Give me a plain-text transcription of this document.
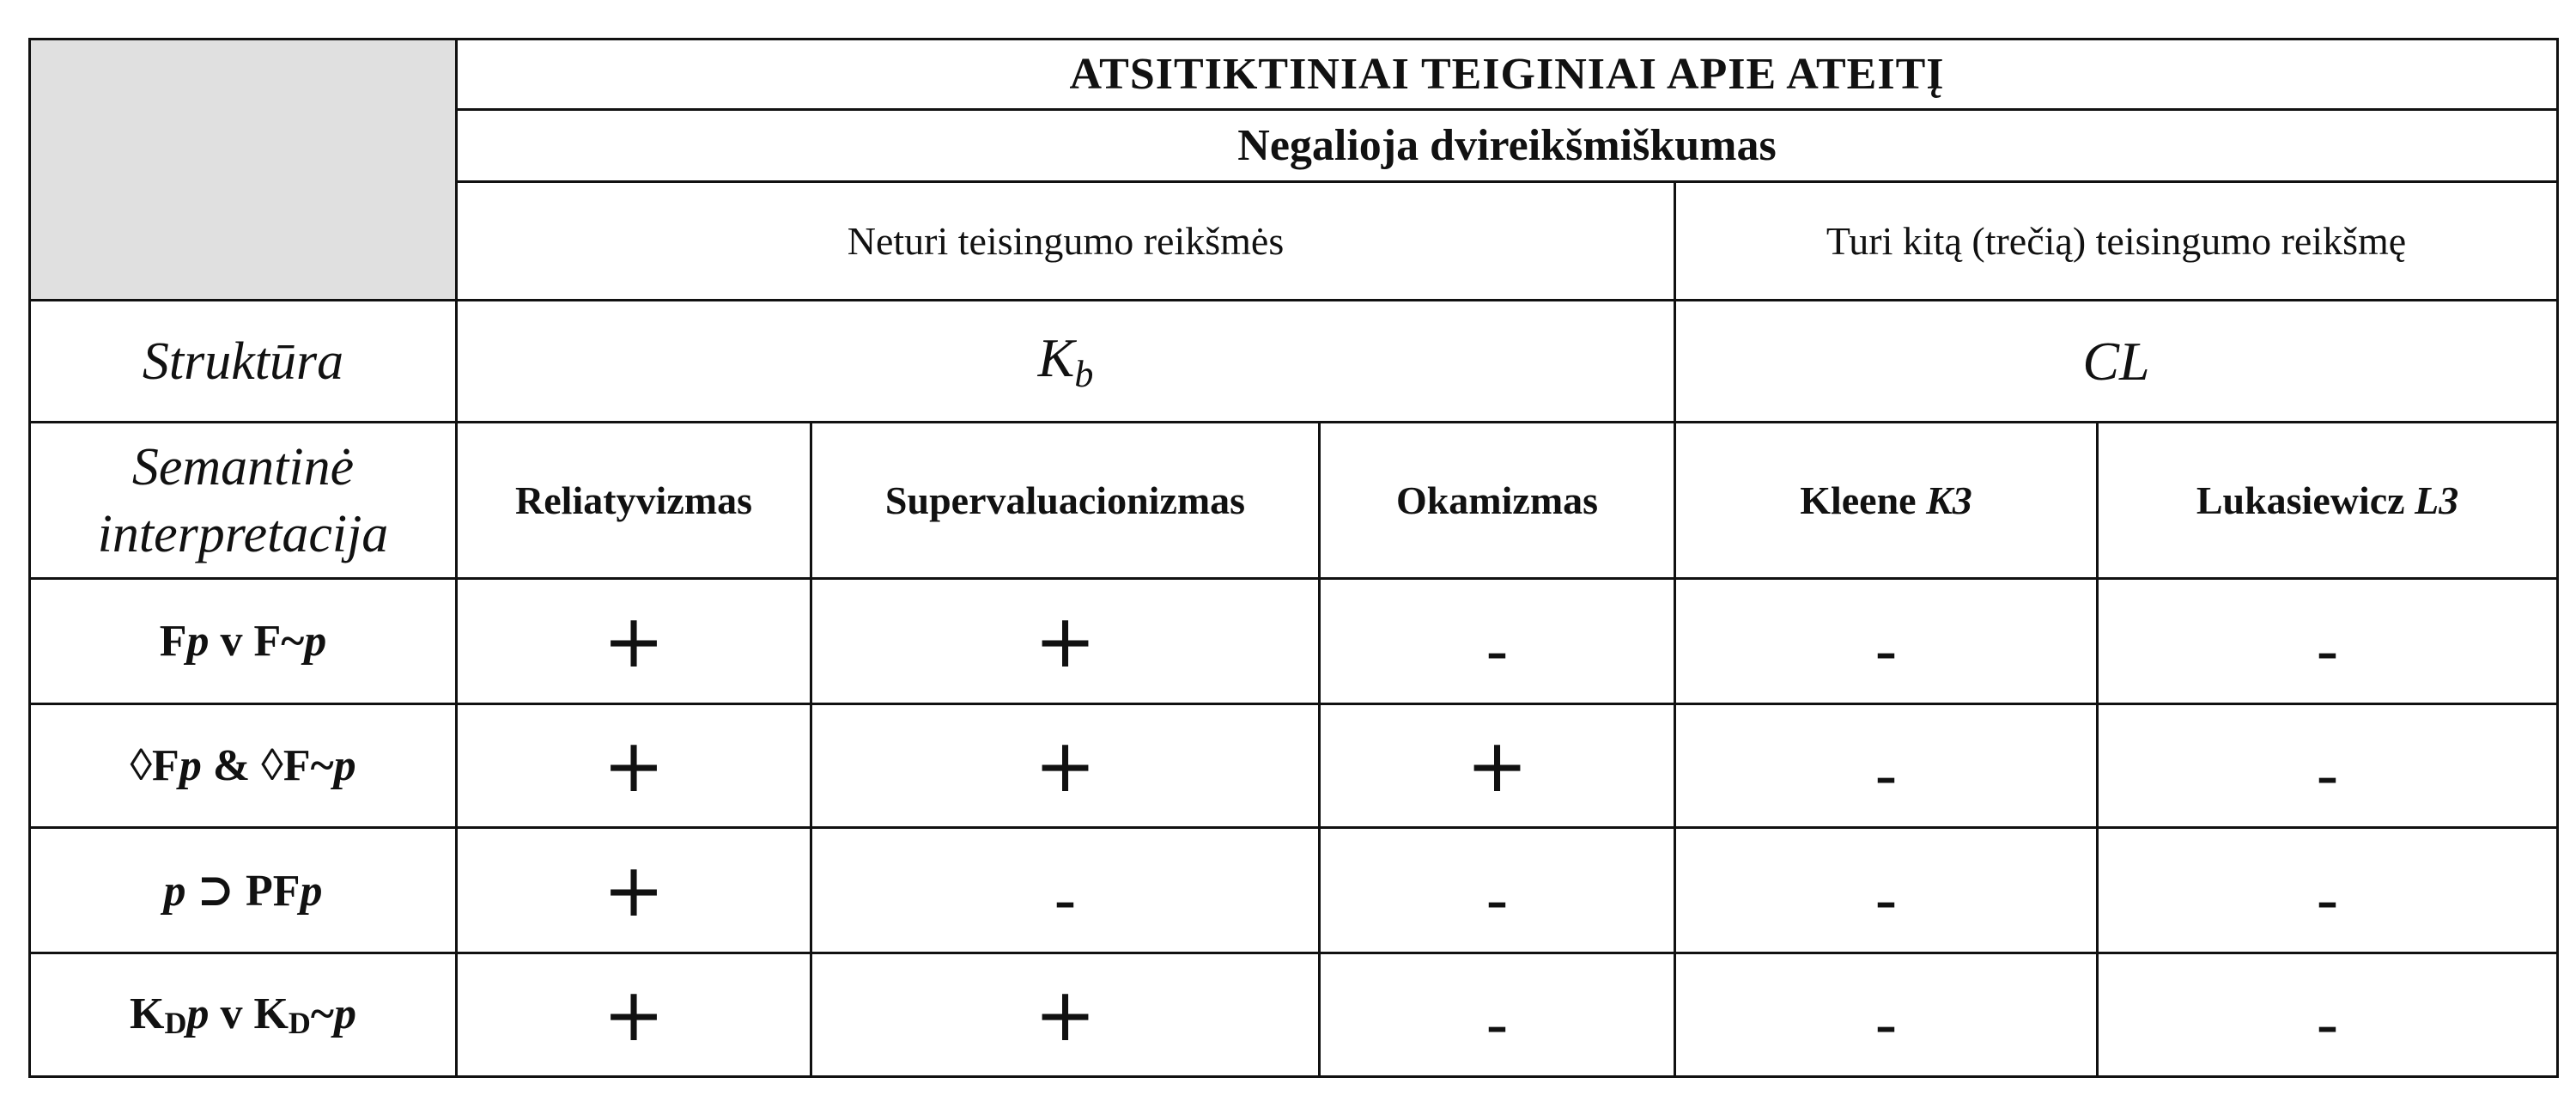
	ATSITIKTINIAI TEIGINIAI APIE ATEITĮ				
	Negalioja dvireikšmiškumas				
	Neturi teisingumo reikšmės			Turi kitą (trečią) teisingumo reikšmę	
Struktūra	$K_b$			CL	
Semantinė
interpretacija	Reliatyvizmas	Supervaluacionizmas	Okamizmas	Kleene K3	Lukasiewicz L3
Fp v F~p	+	+	-	-	-
◊Fp & ◊F~p	+	+	+	-	-
p ⊃ PFp	+	-	-	-	-
$K_Dp$ v $K_D\sim p$	+	+	-	-	-
